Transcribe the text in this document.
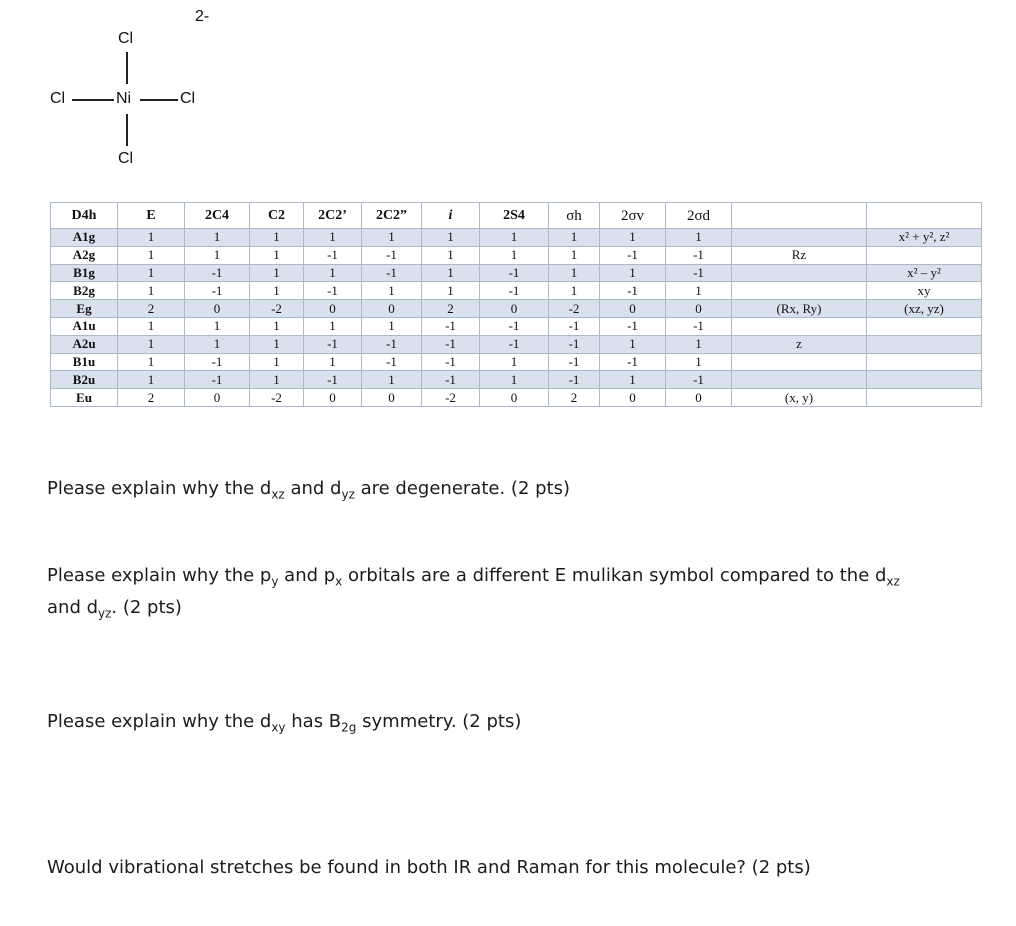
2-
Cl
Cl	Ni	Cl
Cl
D4h	E	2C4	C2	2C2’	2C2”	i	2S4	σh	2σv	2σd		
A1g	1	1	1	1	1	1	1	1	1	1		x² + y², z²
A2g	1	1	1	-1	-1	1	1	1	-1	-1	Rz	
B1g	1	-1	1	1	-1	1	-1	1	1	-1		x² – y²
B2g	1	-1	1	-1	1	1	-1	1	-1	1		xy
Eg	2	0	-2	0	0	2	0	-2	0	0	(Rx, Ry)	(xz, yz)
A1u	1	1	1	1	1	-1	-1	-1	-1	-1		
A2u	1	1	1	-1	-1	-1	-1	-1	1	1	z	
B1u	1	-1	1	1	-1	-1	1	-1	-1	1		
B2u	1	-1	1	-1	1	-1	1	-1	1	-1		
Eu	2	0	-2	0	0	-2	0	2	0	0	(x, y)	
Please explain why the $d_{xz}$ and $d_{yz}$ are degenerate. (2 pts)
Please explain why the $p_y$ and $p_x$ orbitals are a different E mulikan symbol compared to the $d_{xz}$
and $d_{yz}$. (2 pts)
Please explain why the $d_{xy}$ has $B_{2g}$ symmetry. (2 pts)
Would vibrational stretches be found in both IR and Raman for this molecule? (2 pts)
